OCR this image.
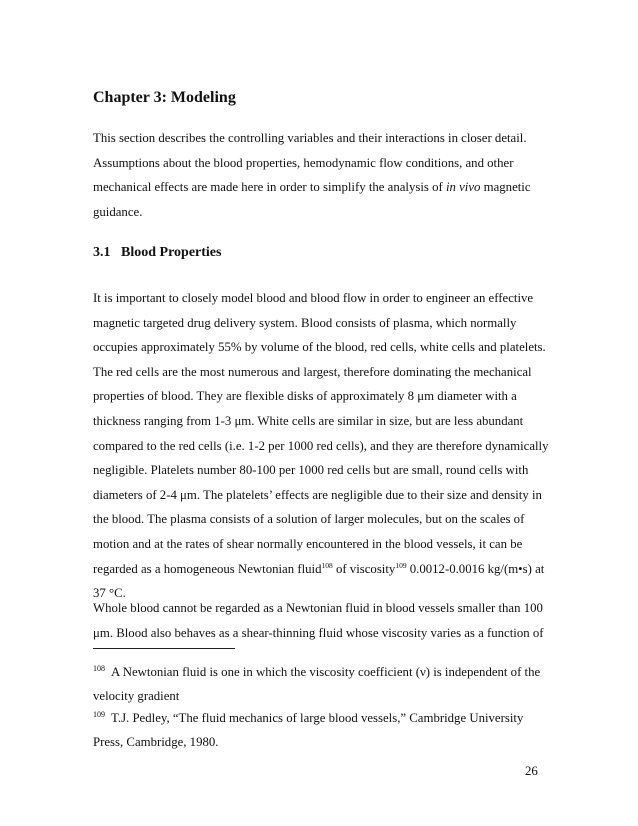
Chapter 3: Modeling

This section describes the controlling variables and their interactions in closer detail.
Assumptions about the blood properties, hemodynamic flow conditions, and other
mechanical effects are made here in order to simplify the analysis of in vivo magnetic
guidance.

3.1 Blood Properties

It is important to closely model blood and blood flow in order to engineer an effective
magnetic targeted drug delivery system. Blood consists of plasma, which normally
occupies approximately 55% by volume of the blood, red cells, white cells and platelets.
The red cells are the most numerous and largest, therefore dominating the mechanical
properties of blood. They are flexible disks of approximately 8 μm diameter with a
thickness ranging from 1-3 μm. White cells are similar in size, but are less abundant
compared to the red cells (i.e. 1-2 per 1000 red cells), and they are therefore dynamically
negligible. Platelets number 80-100 per 1000 red cells but are small, round cells with
diameters of 2-4 μm. The platelets’ effects are negligible due to their size and density in
the blood. The plasma consists of a solution of larger molecules, but on the scales of
motion and at the rates of shear normally encountered in the blood vessels, it can be
regarded as a homogeneous Newtonian fluid$^{108}$ of viscosity$^{109}$ 0.0012-0.0016 kg/(m•s) at
37 °C.

Whole blood cannot be regarded as a Newtonian fluid in blood vessels smaller than 100
μm. Blood also behaves as a shear-thinning fluid whose viscosity varies as a function of

$^{108}$ A Newtonian fluid is one in which the viscosity coefficient (ν) is independent of the
velocity gradient

$^{109}$ T.J. Pedley, “The fluid mechanics of large blood vessels,” Cambridge University
Press, Cambridge, 1980.

26
